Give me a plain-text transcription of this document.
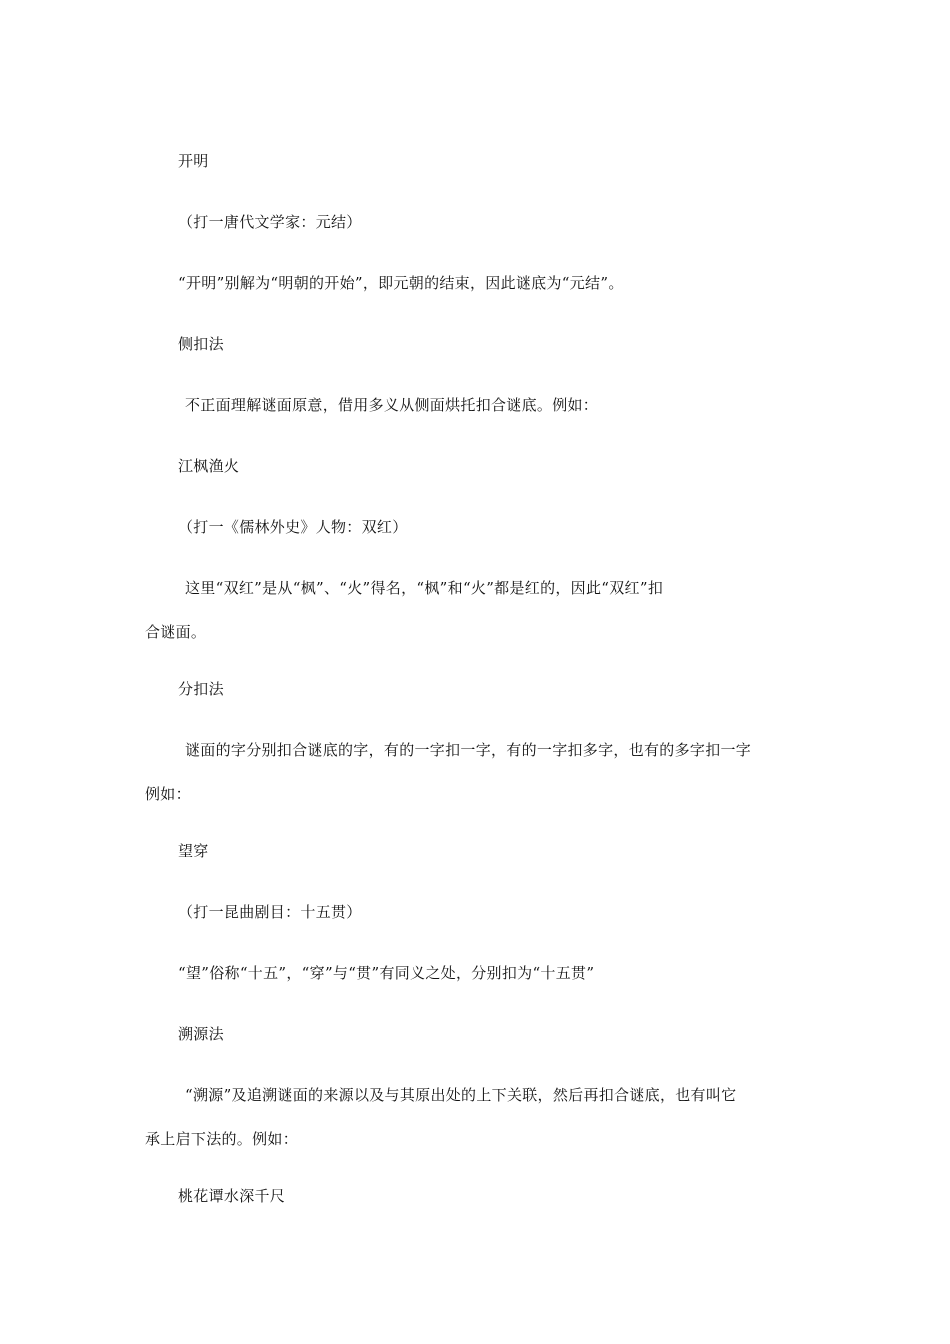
开明
（打一唐代文学家：元结）
“开明”别解为“明朝的开始”，即元朝的结束，因此谜底为“元结”。
侧扣法
不正面理解谜面原意，借用多义从侧面烘托扣合谜底。例如：
江枫渔火
（打一《儒林外史》人物：双红）
这里“双红”是从“枫”、“火”得名，“枫”和“火”都是红的，因此“双红”扣
合谜面。
分扣法
谜面的字分别扣合谜底的字，有的一字扣一字，有的一字扣多字，也有的多字扣一字
例如：
望穿
（打一昆曲剧目：十五贯）
“望”俗称“十五”，“穿”与“贯”有同义之处，分别扣为“十五贯”
溯源法
“溯源”及追溯谜面的来源以及与其原出处的上下关联，然后再扣合谜底，也有叫它
承上启下法的。例如：
桃花谭水深千尺
